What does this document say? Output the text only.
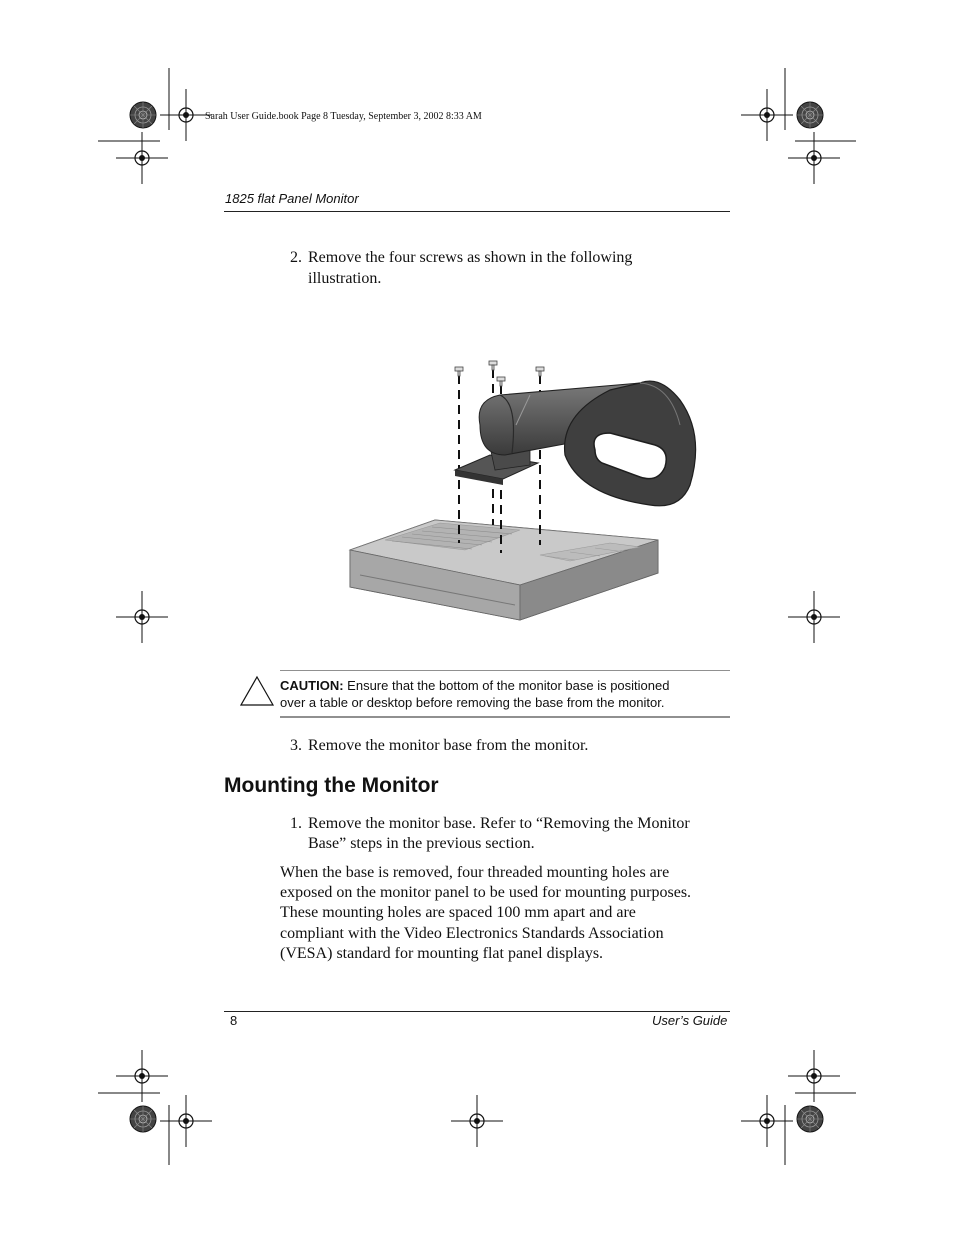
Sarah User Guide.book Page 8 Tuesday, September 3, 2002 8:33 AM
1825 flat Panel Monitor
2. Remove the four screws as shown in the following
illustration.
CAUTION: Ensure that the bottom of the monitor base is positioned
over a table or desktop before removing the base from the monitor.
3. Remove the monitor base from the monitor.
Mounting the Monitor
1. Remove the monitor base. Refer to “Removing the Monitor
Base” steps in the previous section.

When the base is removed, four threaded mounting holes are
exposed on the monitor panel to be used for mounting purposes.
These mounting holes are spaced 100 mm apart and are
compliant with the Video Electronics Standards Association
(VESA) standard for mounting flat panel displays.

8	User’s Guide
